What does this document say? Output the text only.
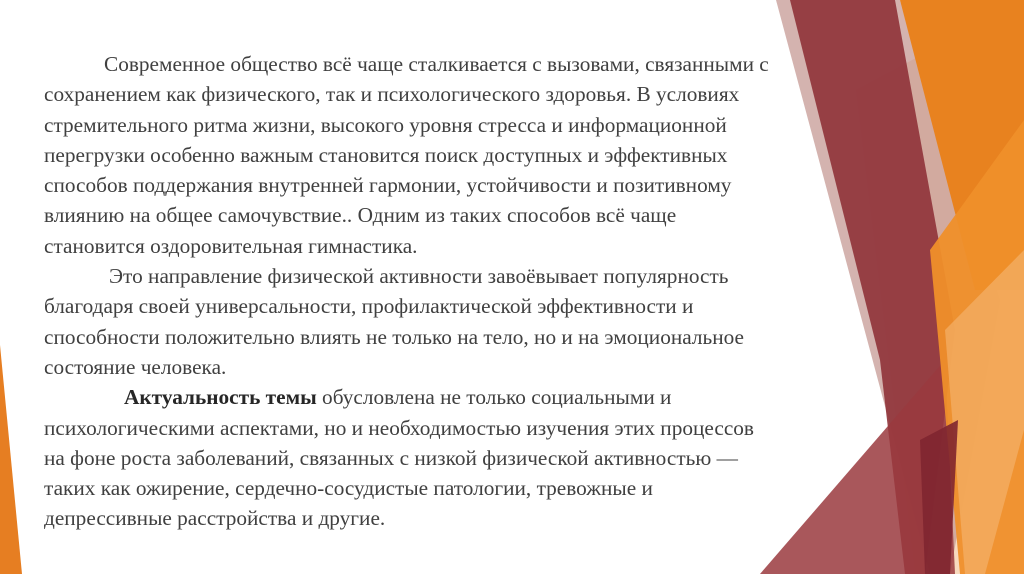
Современное общество всё чаще сталкивается с вызовами, связанными с
сохранением как физического, так и психологического здоровья. В условиях
стремительного ритма жизни, высокого уровня стресса и информационной
перегрузки особенно важным становится поиск доступных и эффективных
способов поддержания внутренней гармонии, устойчивости и позитивному
влиянию на общее самочувствие.. Одним из таких способов всё чаще
становится оздоровительная гимнастика.

Это направление физической активности завоёвывает популярность
благодаря своей универсальности, профилактической эффективности и
способности положительно влиять не только на тело, но и на эмоциональное
состояние человека.

Актуальность темы обусловлена не только социальными и
психологическими аспектами, но и необходимостью изучения этих процессов
на фоне роста заболеваний, связанных с низкой физической активностью —
таких как ожирение, сердечно-сосудистые патологии, тревожные и
депрессивные расстройства и другие.
